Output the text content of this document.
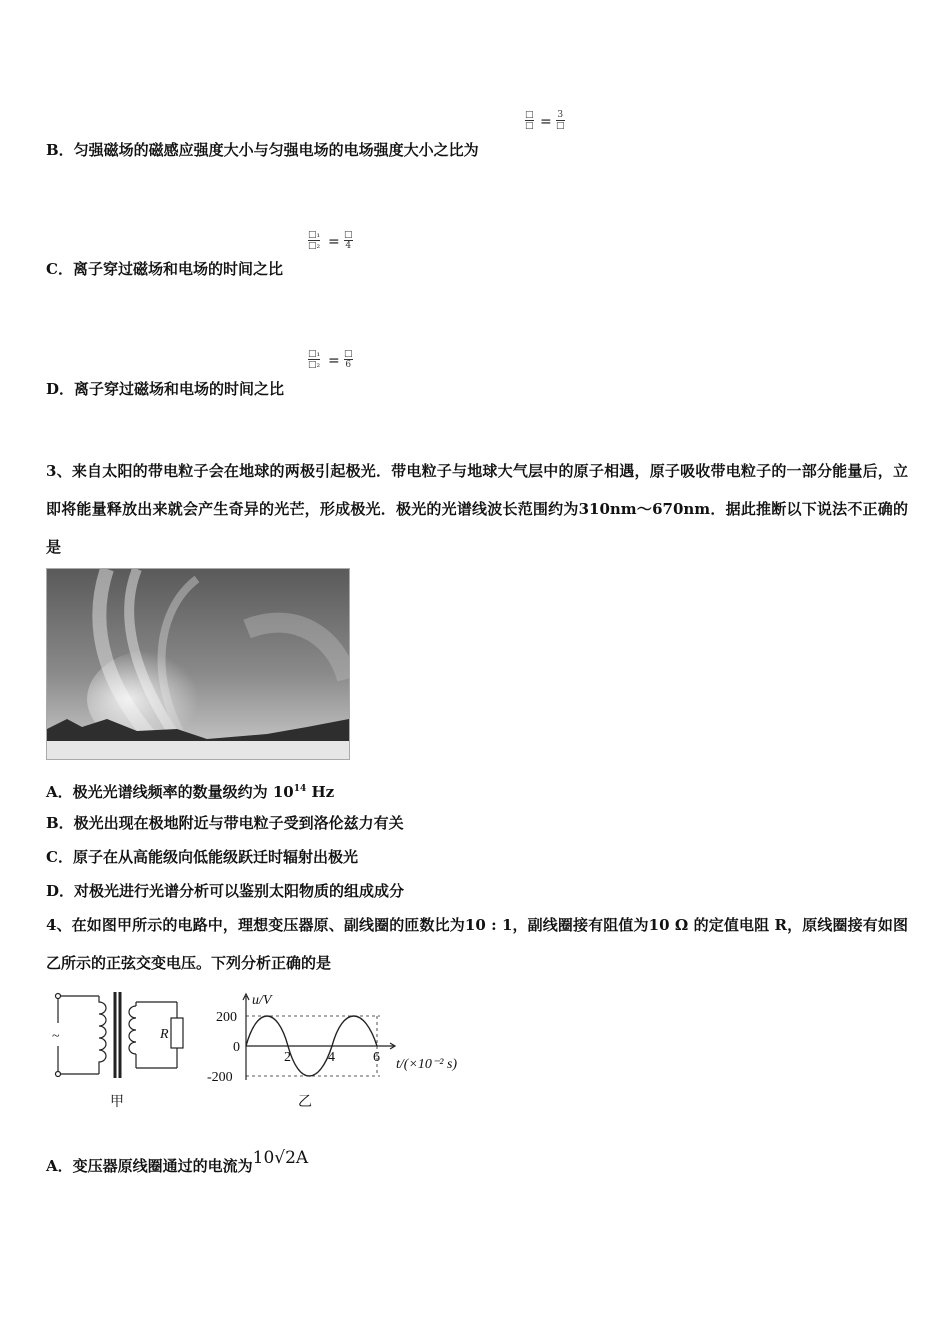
□
□ = 3
□
B．匀强磁场的磁感应强度大小与匀强电场的电场强度大小之比为
□₁
□₂ = □
4
C．离子穿过磁场和电场的时间之比
□₁
□₂ = □
6
D．离子穿过磁场和电场的时间之比
3、来自太阳的带电粒子会在地球的两极引起极光．带电粒子与地球大气层中的原子相遇，原子吸收带电粒子的一部分能量后，立即将能量释放出来就会产生奇异的光芒，形成极光．极光的光谱线波长范围约为310nm～670nm．据此推断以下说法不正确的是
A．极光光谱线频率的数量级约为 $10^{14}$ Hz
B．极光出现在极地附近与带电粒子受到洛伦兹力有关
C．原子在从高能级向低能级跃迁时辐射出极光
D．对极光进行光谱分析可以鉴别太阳物质的组成成分
4、在如图甲所示的电路中，理想变压器原、副线圈的匝数比为10 : 1，副线圈接有阻值为10 Ω 的定值电阻 R，原线圈接有如图乙所示的正弦交变电压。下列分析正确的是
~	R
甲	乙
u/V
200
0
-200
2	4	6 t/(×10⁻² s)
A．变压器原线圈通过的电流为10√2A
